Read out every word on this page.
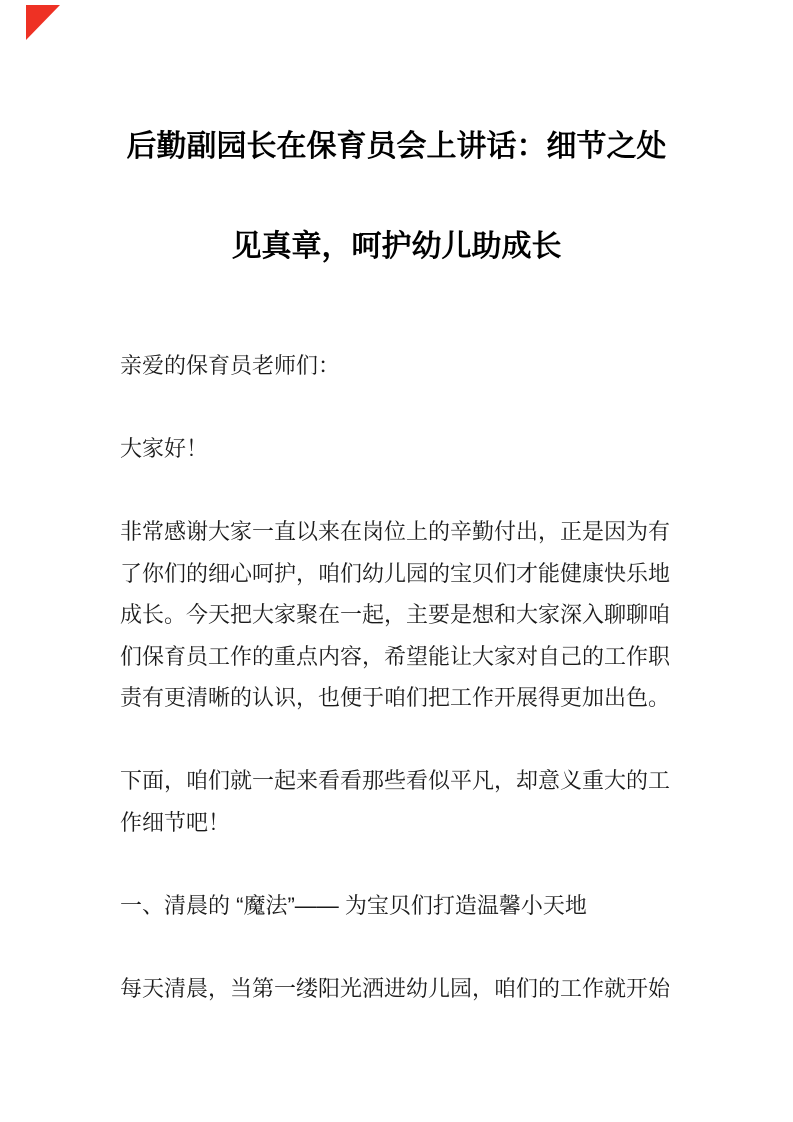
后勤副园长在保育员会上讲话：细节之处
见真章，呵护幼儿助成长

亲爱的保育员老师们：

大家好！

非常感谢大家一直以来在岗位上的辛勤付出，正是因为有了你们的细心呵护，咱们幼儿园的宝贝们才能健康快乐地成长。今天把大家聚在一起，主要是想和大家深入聊聊咱们保育员工作的重点内容，希望能让大家对自己的工作职责有更清晰的认识，也便于咱们把工作开展得更加出色。

下面，咱们就一起来看看那些看似平凡，却意义重大的工作细节吧！

一、清晨的 “魔法”—— 为宝贝们打造温馨小天地

每天清晨，当第一缕阳光洒进幼儿园，咱们的工作就开始
